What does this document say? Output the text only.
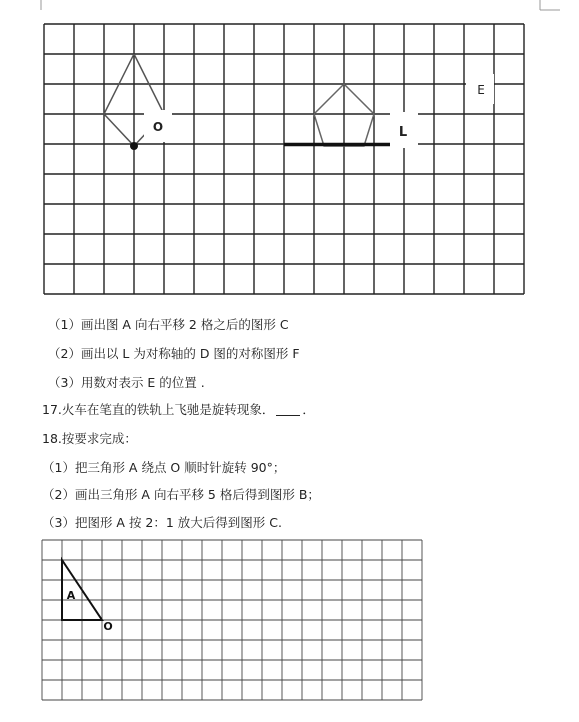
O	L
E
（1）画出图 A 向右平移 2 格之后的图形 C
（2）画出以 L 为对称轴的 D 图的对称图形 F
（3）用数对表示 E 的位置 .
17.火车在笔直的铁轨上飞驰是旋转现象． ．
18.按要求完成：
（1）把三角形 A 绕点 O 顺时针旋转 90°；
（2）画出三角形 A 向右平移 5 格后得到图形 B；
（3）把图形 A 按 2：1 放大后得到图形 C.
A
O
